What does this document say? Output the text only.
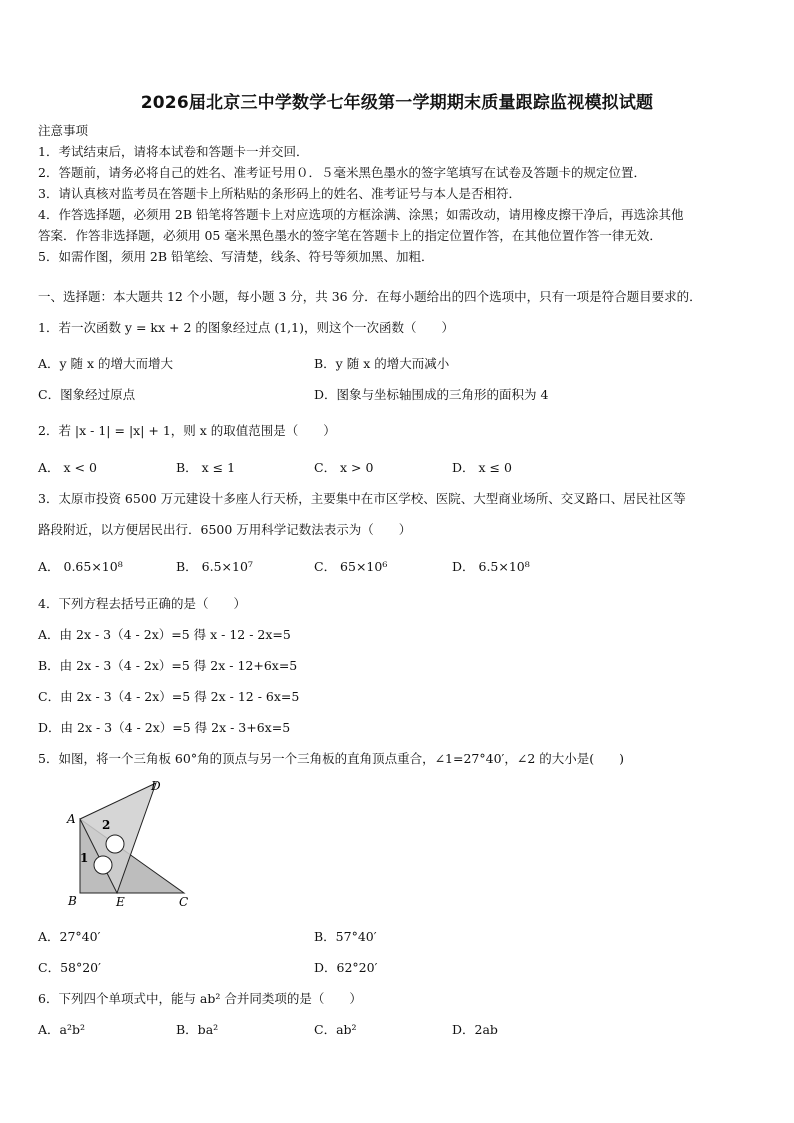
2026届北京三中学数学七年级第一学期期末质量跟踪监视模拟试题
注意事项
1．考试结束后，请将本试卷和答题卡一并交回．
2．答题前，请务必将自己的姓名、准考证号用０．５毫米黑色墨水的签字笔填写在试卷及答题卡的规定位置．
3．请认真核对监考员在答题卡上所粘贴的条形码上的姓名、准考证号与本人是否相符．
4．作答选择题，必须用 2B 铅笔将答题卡上对应选项的方框涂满、涂黑；如需改动，请用橡皮擦干净后，再选涂其他
答案．作答非选择题，必须用 05 毫米黑色墨水的签字笔在答题卡上的指定位置作答，在其他位置作答一律无效．
5．如需作图，须用 2B 铅笔绘、写清楚，线条、符号等须加黑、加粗．
一、选择题：本大题共 12 个小题，每小题 3 分，共 36 分．在每小题给出的四个选项中，只有一项是符合题目要求的．
1．若一次函数 y = kx + 2 的图象经过点 (1,1)，则这个一次函数（　　）
A．y 随 x 的增大而增大	B．y 随 x 的增大而减小
C．图象经过原点	D．图象与坐标轴围成的三角形的面积为 4
2．若 |x - 1| = |x| + 1，则 x 的取值范围是（　　）
A． x < 0	B． x ≤ 1	C． x > 0	D． x ≤ 0
3．太原市投资 6500 万元建设十多座人行天桥，主要集中在市区学校、医院、大型商业场所、交叉路口、居民社区等
路段附近，以方便居民出行．6500 万用科学记数法表示为（　　）
A． 0.65×10⁸	B． 6.5×10⁷	C． 65×10⁶	D． 6.5×10⁸
4．下列方程去括号正确的是（　　）
A．由 2x - 3（4 - 2x）=5 得 x - 12 - 2x=5
B．由 2x - 3（4 - 2x）=5 得 2x - 12+6x=5
C．由 2x - 3（4 - 2x）=5 得 2x - 12 - 6x=5
D．由 2x - 3（4 - 2x）=5 得 2x - 3+6x=5
5．如图，将一个三角板 60°角的顶点与另一个三角板的直角顶点重合，∠1=27°40′，∠2 的大小是(　　)
A
B	C
D
E
1
2
A．27°40′	B．57°40′
C．58°20′	D．62°20′
6．下列四个单项式中，能与 ab² 合并同类项的是（　　）
A．a²b²	B．ba²	C．ab²	D．2ab
